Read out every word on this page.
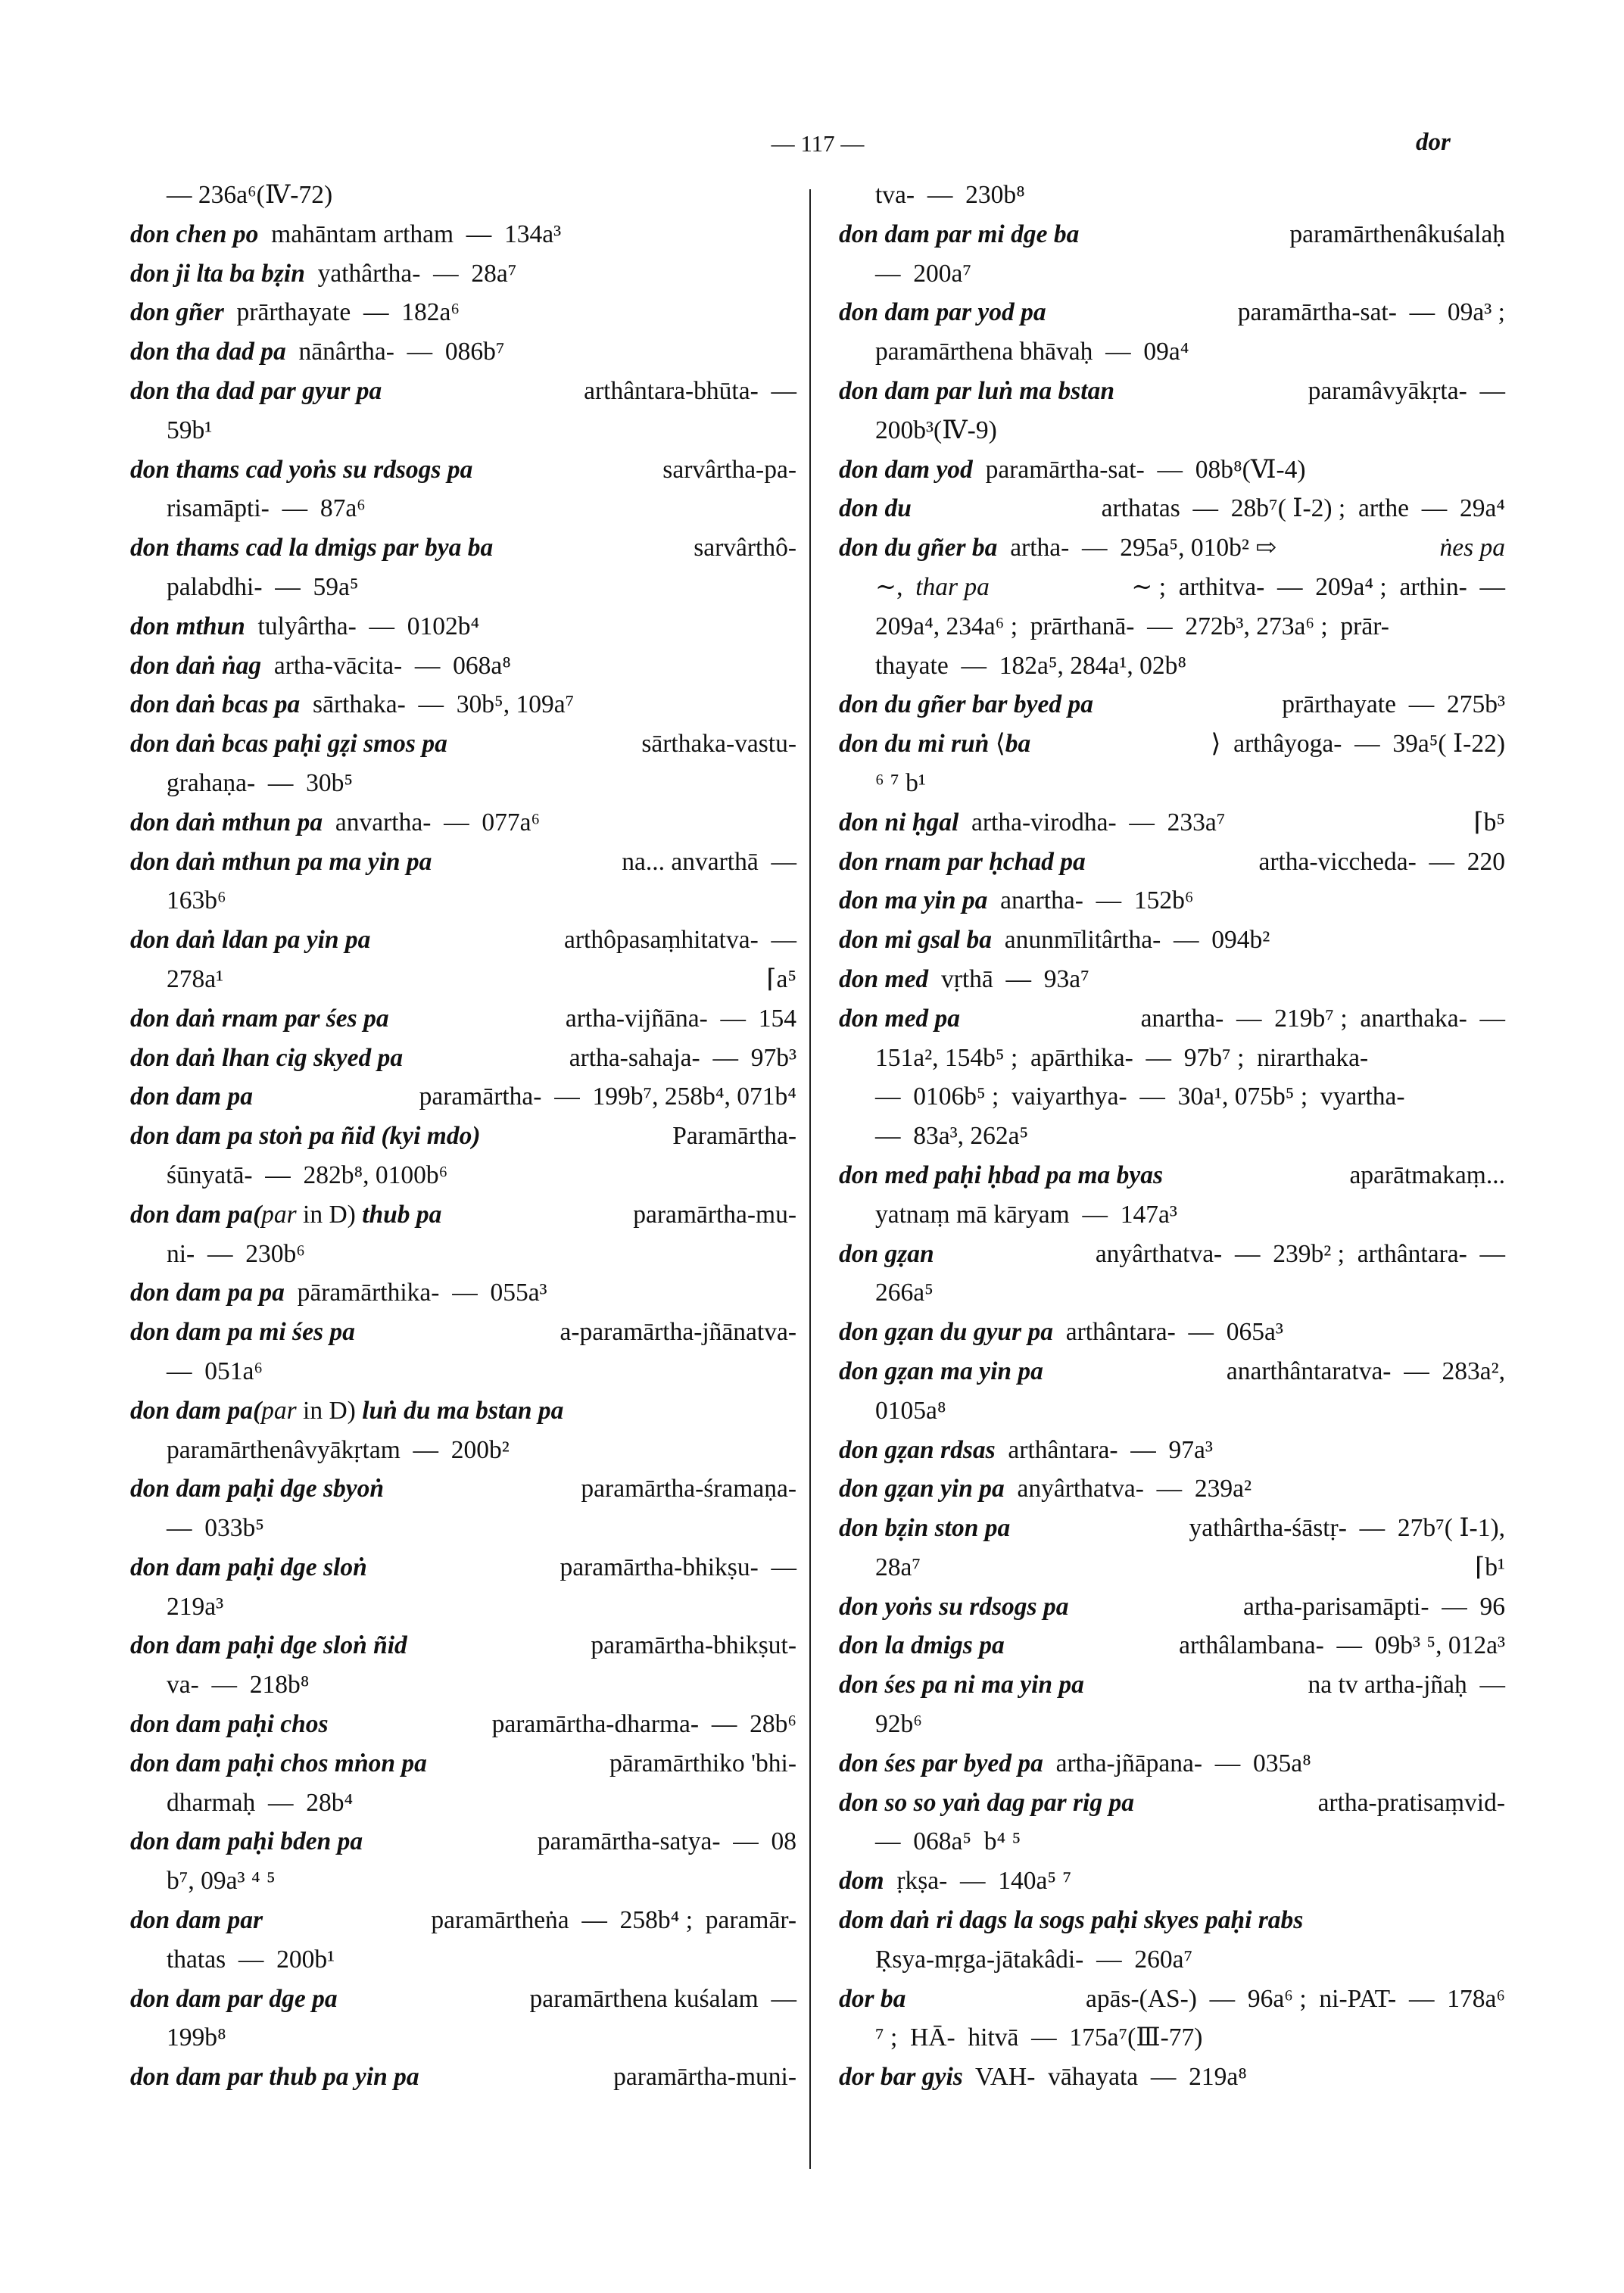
— 117 —	dor
— 236a⁶(Ⅳ-72)
don chen po  mahāntam artham  —  134a³
don ji lta ba bẓin  yathârtha-  —  28a⁷
don gñer  prārthayate  —  182a⁶
don tha dad pa  nānârtha-  —  086b⁷
don tha dad par gyur pa	arthântara-bhūta-  —
59b¹
don thams cad yoṅs su rdsogs pa	sarvârtha-pa-
risamāpti-  —  87a⁶
don thams cad la dmigs par bya ba	sarvârthô-
palabdhi-  —  59a⁵
don mthun  tulyârtha-  —  0102b⁴
don daṅ ṅag  artha-vācita-  —  068a⁸
don daṅ bcas pa  sārthaka-  —  30b⁵, 109a⁷
don daṅ bcas paḥi gẓi smos pa	sārthaka-vastu-
grahaṇa-  —  30b⁵
don daṅ mthun pa  anvartha-  —  077a⁶
don daṅ mthun pa ma yin pa	na... anvarthā  —
163b⁶
don daṅ ldan pa yin pa	arthôpasaṃhitatva-  —
278a¹	⌈a⁵
don daṅ rnam par śes pa	artha-vijñāna-  —  154
don daṅ lhan cig skyed pa	artha-sahaja-  —  97b³
don dam pa	paramārtha-  —  199b⁷, 258b⁴, 071b⁴
don dam pa stoṅ pa ñid (kyi mdo)	Paramārtha-
śūnyatā-  —  282b⁸, 0100b⁶
don dam pa(par in D) thub pa	paramārtha-mu-
ni-  —  230b⁶
don dam pa pa  pāramārthika-  —  055a³
don dam pa mi śes pa	a-paramārtha-jñānatva-
—  051a⁶
don dam pa(par in D) luṅ du ma bstan pa
paramārthenâvyākṛtam  —  200b²
don dam paḥi dge sbyoṅ	paramārtha-śramaṇa-
—  033b⁵
don dam paḥi dge sloṅ	paramārtha-bhikṣu-  —
219a³
don dam paḥi dge sloṅ ñid	paramārtha-bhikṣut-
va-  —  218b⁸
don dam paḥi chos	paramārtha-dharma-  —  28b⁶
don dam paḥi chos mṅon pa	pāramārthiko 'bhi-
dharmaḥ  —  28b⁴
don dam paḥi bden pa	paramārtha-satya-  —  08
b⁷, 09a³ ⁴ ⁵
don dam par	paramārtheṅa  —  258b⁴ ;  paramār-
thatas  —  200b¹
don dam par dge pa	paramārthena kuśalam  —
199b⁸
don dam par thub pa yin pa	paramārtha-muni-
tva-  —  230b⁸
don dam par mi dge ba	paramārthenâkuśalaḥ
—  200a⁷
don dam par yod pa	paramārtha-sat-  —  09a³ ;
paramārthena bhāvaḥ  —  09a⁴
don dam par luṅ ma bstan	paramâvyākṛta-  —
200b³(Ⅳ-9)
don dam yod  paramārtha-sat-  —  08b⁸(Ⅵ-4)
don du	arthatas  —  28b⁷( Ⅰ-2) ;  arthe  —  29a⁴
don du gñer ba  artha-  —  295a⁵, 010b² ⇨	ṅes pa
∼,  thar pa	∼ ;  arthitva-  —  209a⁴ ;  arthin-  —
209a⁴, 234a⁶ ;  prārthanā-  —  272b³, 273a⁶ ;  prār-
thayate  —  182a⁵, 284a¹, 02b⁸
don du gñer bar byed pa	prārthayate  —  275b³
don du mi ruṅ ⟨ba	⟩  arthâyoga-  —  39a⁵( Ⅰ-22)
⁶ ⁷ b¹
don ni ḥgal  artha-virodha-  —  233a⁷	⌈b⁵
don rnam par ḥchad pa	artha-viccheda-  —  220
don ma yin pa  anartha-  —  152b⁶
don mi gsal ba  anunmīlitârtha-  —  094b²
don med  vṛthā  —  93a⁷
don med pa	anartha-  —  219b⁷ ;  anarthaka-  —
151a², 154b⁵ ;  apārthika-  —  97b⁷ ;  nirarthaka-
—  0106b⁵ ;  vaiyarthya-  —  30a¹, 075b⁵ ;  vyartha-
—  83a³, 262a⁵
don med paḥi ḥbad pa ma byas	aparātmakaṃ...
yatnaṃ mā kāryam  —  147a³
don gẓan	anyârthatva-  —  239b² ;  arthântara-  —
266a⁵
don gẓan du gyur pa  arthântara-  —  065a³
don gẓan ma yin pa	anarthântaratva-  —  283a²,
0105a⁸
don gẓan rdsas  arthântara-  —  97a³
don gẓan yin pa  anyârthatva-  —  239a²
don bẓin ston pa	yathârtha-śāstṛ-  —  27b⁷( Ⅰ-1),
28a⁷	⌈b¹
don yoṅs su rdsogs pa	artha-parisamāpti-  —  96
don la dmigs pa	arthâlambana-  —  09b³ ⁵, 012a³
don śes pa ni ma yin pa	na tv artha-jñaḥ  —
92b⁶
don śes par byed pa  artha-jñāpana-  —  035a⁸
don so so yaṅ dag par rig pa	artha-pratisaṃvid-
—  068a⁵  b⁴ ⁵
dom  ṛkṣa-  —  140a⁵ ⁷
dom daṅ ri dags la sogs paḥi skyes paḥi rabs
Ṛsya-mṛga-jātakâdi-  —  260a⁷
dor ba	apās-(AS-)  —  96a⁶ ;  ni-PAT-  —  178a⁶
⁷ ;  HĀ-  hitvā  —  175a⁷(Ⅲ-77)
dor bar gyis  VAH-  vāhayata  —  219a⁸
